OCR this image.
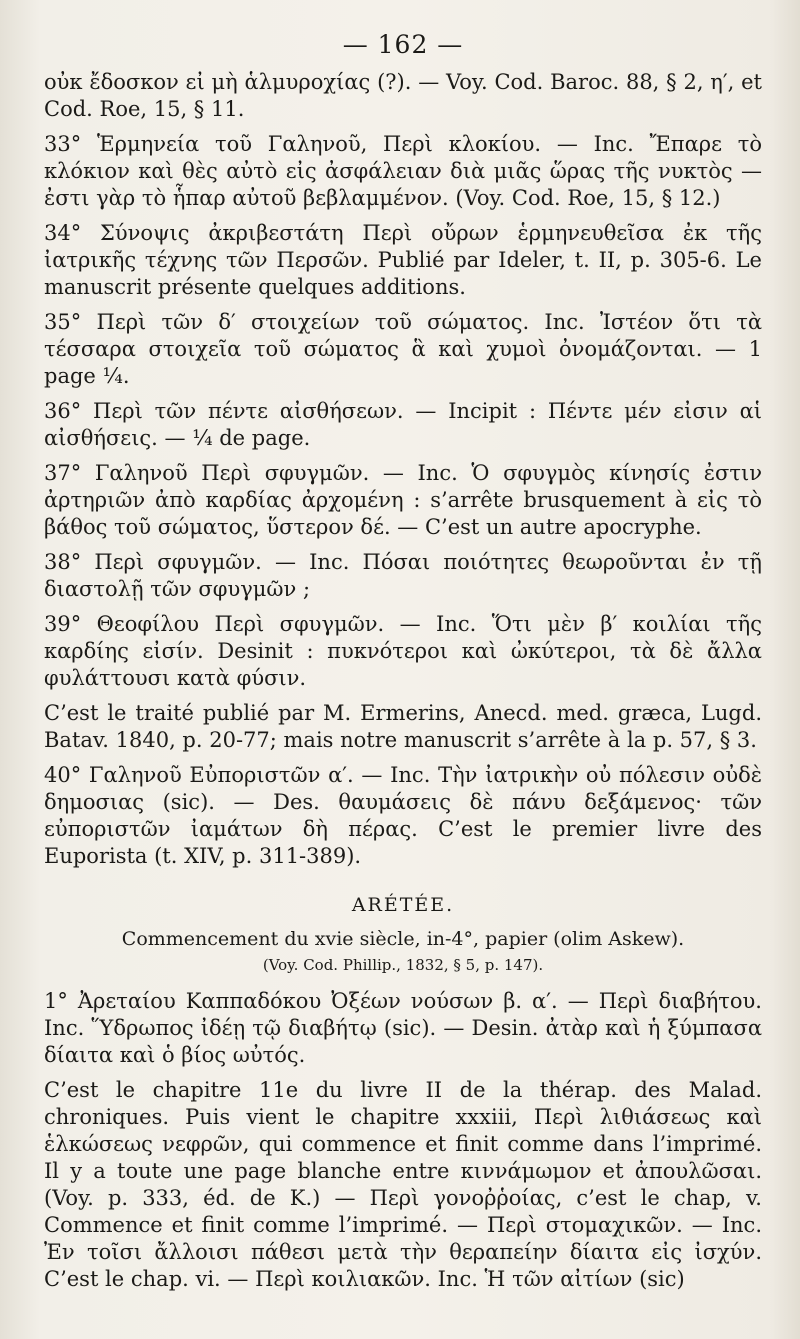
— 162 —

οὐκ ἔδοσκον εἰ μὴ ἁλμυροχίας (?). — Voy. Cod. Baroc. 88, § 2, η′, et Cod. Roe, 15, § 11.

33° Ἑρμηνεία τοῦ Γαληνοῦ, Περὶ κλοκίου. — Inc. Ἔπαρε τὸ κλόκιον καὶ θὲς αὐτὸ εἰς ἀσφάλειαν διὰ μιᾶς ὥρας τῆς νυκτὸς — ἐστι γὰρ τὸ ἧπαρ αὐτοῦ βεβλαμμένον. (Voy. Cod. Roe, 15, § 12.)

34° Σύνοψις ἀκριβεστάτη Περὶ οὔρων ἑρμηνευθεῖσα ἐκ τῆς ἰατρικῆς τέχνης τῶν Περσῶν. Publié par Ideler, t. II, p. 305-6. Le manuscrit présente quelques additions.

35° Περὶ τῶν δ′ στοιχείων τοῦ σώματος. Inc. Ἰστέον ὅτι τὰ τέσσαρα στοιχεῖα τοῦ σώματος ἃ καὶ χυμοὶ ὀνομάζονται. — 1 page ¼.

36° Περὶ τῶν πέντε αἰσθήσεων. — Incipit : Πέντε μέν εἰσιν αἱ αἰσθήσεις. — ¼ de page.

37° Γαληνοῦ Περὶ σφυγμῶν. — Inc. Ὁ σφυγμὸς κίνησίς ἐστιν ἀρτηριῶν ἀπὸ καρδίας ἀρχομένη : s’arrête brusquement à εἰς τὸ βάθος τοῦ σώματος, ὕστερον δέ. — C’est un autre apocryphe.

38° Περὶ σφυγμῶν. — Inc. Πόσαι ποιότητες θεωροῦνται ἐν τῇ διαστολῇ τῶν σφυγμῶν ;

39° Θεοφίλου Περὶ σφυγμῶν. — Inc. Ὅτι μὲν β′ κοιλίαι τῆς καρδίης εἰσίν. Desinit : πυκνότεροι καὶ ὠκύτεροι, τὰ δὲ ἄλλα φυλάττουσι κατὰ φύσιν.

C’est le traité publié par M. Ermerins, Anecd. med. græca, Lugd. Batav. 1840, p. 20-77; mais notre manuscrit s’arrête à la p. 57, § 3.

40° Γαληνοῦ Εὐποριστῶν α′. — Inc. Τὴν ἰατρικὴν οὐ πόλεσιν οὐδὲ δημοσιας (sic). — Des. θαυμάσεις δὲ πάνυ δεξάμενος· τῶν εὐποριστῶν ἰαμάτων δὴ πέρας. C’est le premier livre des Euporista (t. XIV, p. 311-389).

ARÉTÉE.
Commencement du xvie siècle, in-4°, papier (olim Askew).
(Voy. Cod. Phillip., 1832, § 5, p. 147).

1° Ἀρεταίου Καππαδόκου Ὀξέων νούσων β. α′. — Περὶ διαβήτου. Inc. Ὕδρωπος ἰδέῃ τῷ διαβήτῳ (sic). — Desin. ἀτὰρ καὶ ἡ ξύμπασα δίαιτα καὶ ὁ βίος ωὐτός.

C’est le chapitre 11e du livre II de la thérap. des Malad. chroniques. Puis vient le chapitre xxxiii, Περὶ λιθιάσεως καὶ ἑλκώσεως νεφρῶν, qui commence et finit comme dans l’imprimé. Il y a toute une page blanche entre κιννάμωμον et ἀπουλῶσαι. (Voy. p. 333, éd. de K.) — Περὶ γονοῤῥοίας, c’est le chap, v. Commence et finit comme l’imprimé. — Περὶ στομαχικῶν. — Inc. Ἐν τοῖσι ἄλλοισι πάθεσι μετὰ τὴν θεραπείην δίαιτα εἰς ἰσχύν. C’est le chap. vi. — Περὶ κοιλιακῶν. Inc. Ἡ τῶν αἰτίων (sic)
